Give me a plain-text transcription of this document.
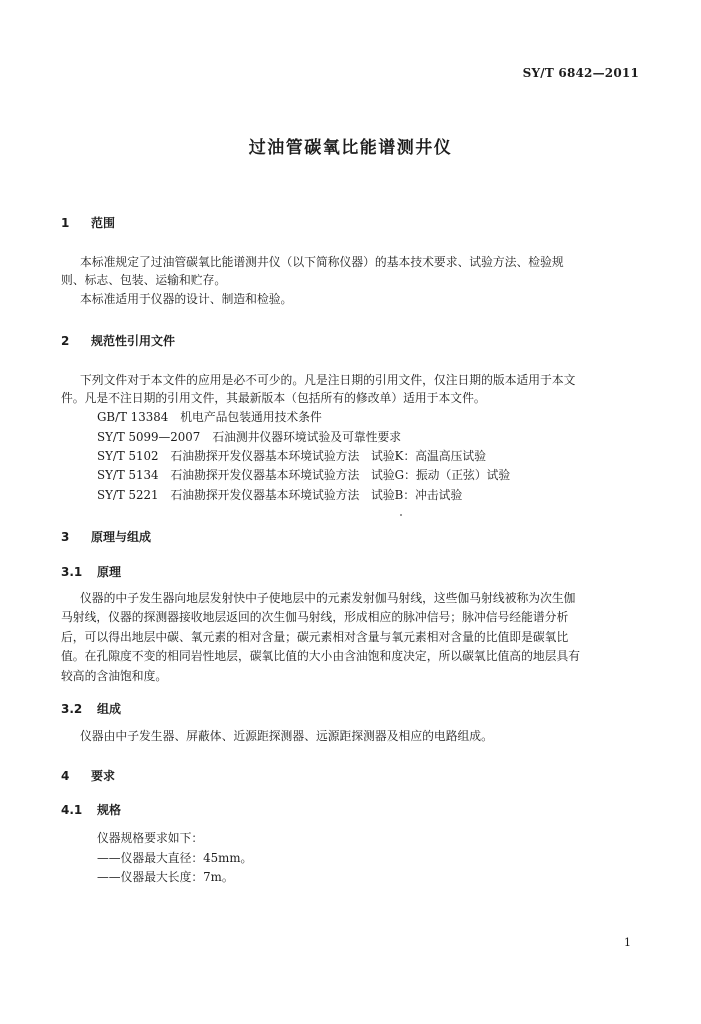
SY/T 6842—2011
过油管碳氧比能谱测井仪
1 范围
本标准规定了过油管碳氧比能谱测井仪（以下简称仪器）的基本技术要求、试验方法、检验规
则、标志、包装、运输和贮存。
本标准适用于仪器的设计、制造和检验。
2 规范性引用文件
下列文件对于本文件的应用是必不可少的。凡是注日期的引用文件，仅注日期的版本适用于本文
件。凡是不注日期的引用文件，其最新版本（包括所有的修改单）适用于本文件。
GB/T 13384 机电产品包装通用技术条件
SY/T 5099—2007 石油测井仪器环境试验及可靠性要求
SY/T 5102 石油勘探开发仪器基本环境试验方法　试验K：高温高压试验
SY/T 5134 石油勘探开发仪器基本环境试验方法　试验G：振动（正弦）试验
SY/T 5221 石油勘探开发仪器基本环境试验方法　试验B：冲击试验
3 原理与组成
3.1 原理
仪器的中子发生器向地层发射快中子使地层中的元素发射伽马射线，这些伽马射线被称为次生伽
马射线，仪器的探测器接收地层返回的次生伽马射线，形成相应的脉冲信号；脉冲信号经能谱分析
后，可以得出地层中碳、氧元素的相对含量；碳元素相对含量与氧元素相对含量的比值即是碳氧比
值。在孔隙度不变的相同岩性地层，碳氧比值的大小由含油饱和度决定，所以碳氧比值高的地层具有
较高的含油饱和度。
3.2 组成
仪器由中子发生器、屏蔽体、近源距探测器、远源距探测器及相应的电路组成。
4 要求
4.1 规格
仪器规格要求如下：
——仪器最大直径：45mm。
——仪器最大长度：7m。
1
